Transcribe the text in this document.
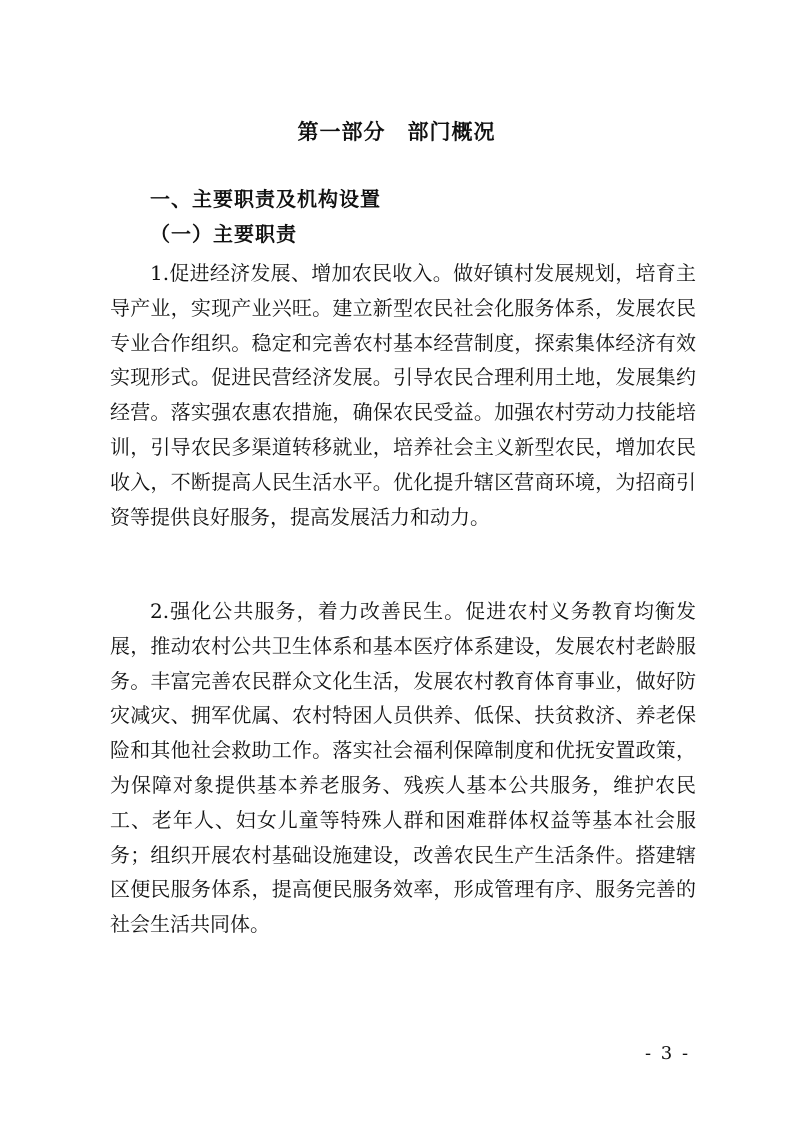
第一部分　部门概况
一、主要职责及机构设置
（一）主要职责

1.促进经济发展、增加农民收入。做好镇村发展规划，培育主导产业，实现产业兴旺。建立新型农民社会化服务体系，发展农民专业合作组织。稳定和完善农村基本经营制度，探索集体经济有效实现形式。促进民营经济发展。引导农民合理利用土地，发展集约经营。落实强农惠农措施，确保农民受益。加强农村劳动力技能培训，引导农民多渠道转移就业，培养社会主义新型农民，增加农民收入，不断提高人民生活水平。优化提升辖区营商环境，为招商引资等提供良好服务，提高发展活力和动力。

2.强化公共服务，着力改善民生。促进农村义务教育均衡发展，推动农村公共卫生体系和基本医疗体系建设，发展农村老龄服务。丰富完善农民群众文化生活，发展农村教育体育事业，做好防灾减灾、拥军优属、农村特困人员供养、低保、扶贫救济、养老保险和其他社会救助工作。落实社会福利保障制度和优抚安置政策，为保障对象提供基本养老服务、残疾人基本公共服务，维护农民工、老年人、妇女儿童等特殊人群和困难群体权益等基本社会服务；组织开展农村基础设施建设，改善农民生产生活条件。搭建辖区便民服务体系，提高便民服务效率，形成管理有序、服务完善的社会生活共同体。

- 3 -
